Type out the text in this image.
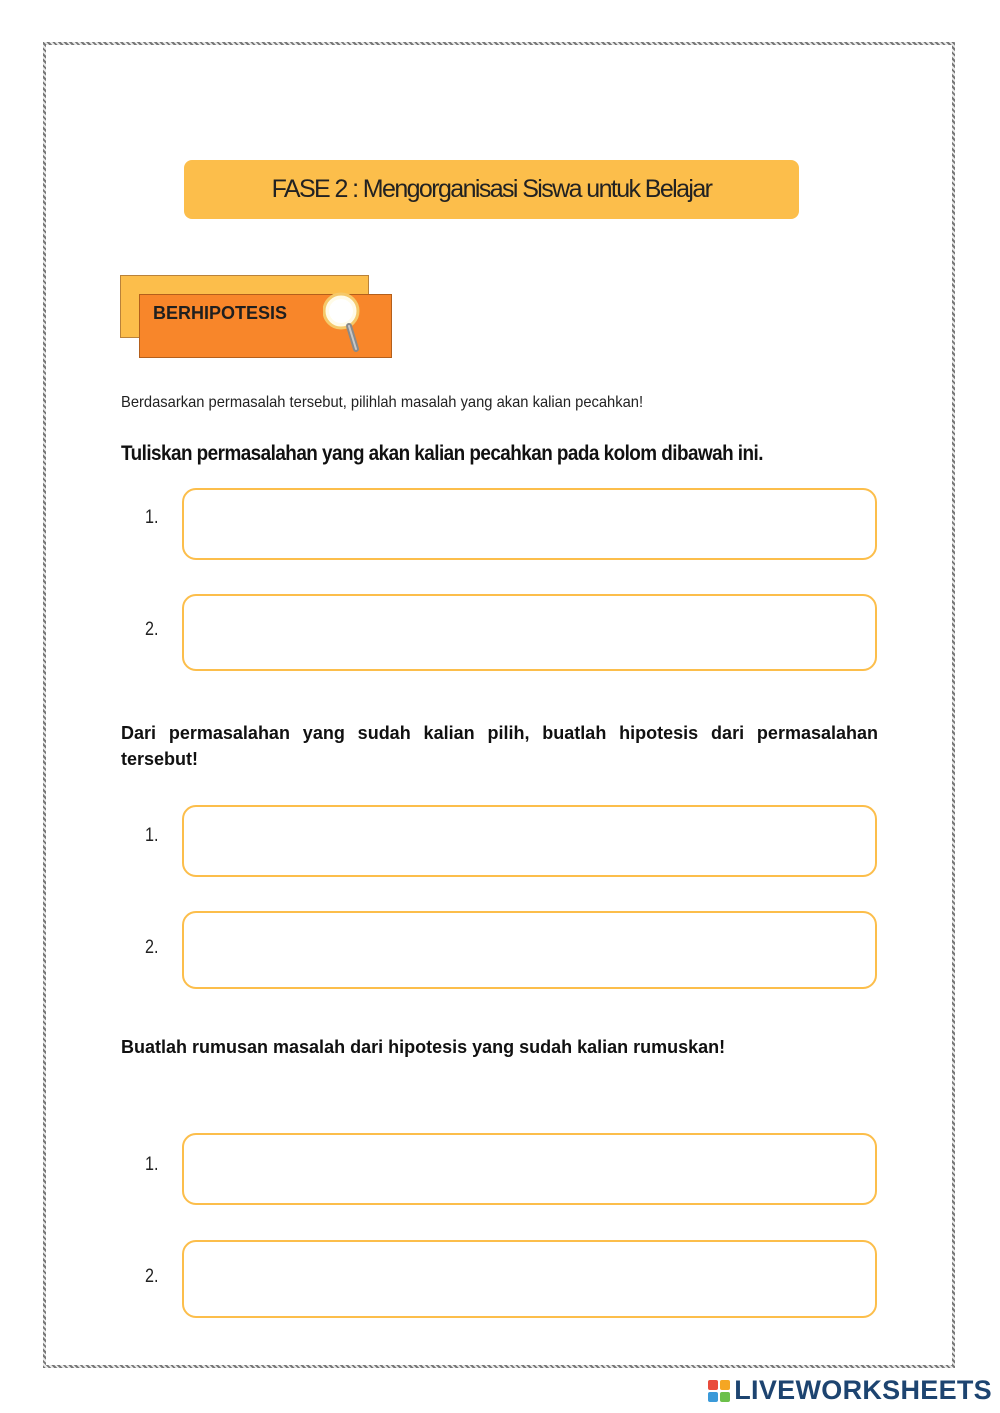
FASE 2 : Mengorganisasi Siswa untuk Belajar
BERHIPOTESIS
Berdasarkan permasalah tersebut, pilihlah masalah yang akan kalian pecahkan!
Tuliskan permasalahan yang akan kalian pecahkan pada kolom dibawah ini.
1.
2.
Dari permasalahan yang sudah kalian pilih, buatlah hipotesis dari permasalahan tersebut!
1.
2.
Buatlah rumusan masalah dari hipotesis yang sudah kalian rumuskan!
1.
2.
LIVEWORKSHEETS
